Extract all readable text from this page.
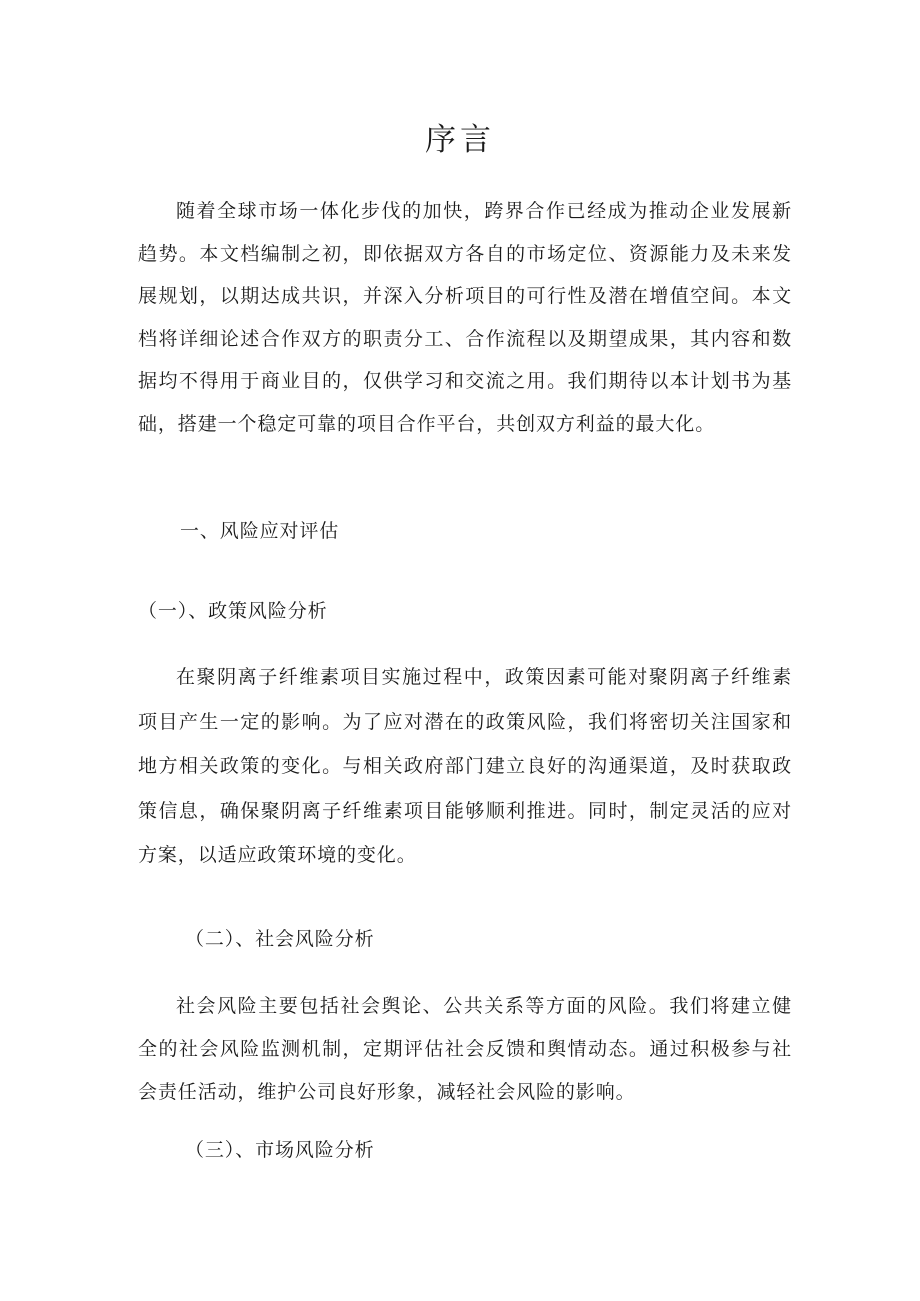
序言

随着全球市场一体化步伐的加快，跨界合作已经成为推动企业发展新趋势。本文档编制之初，即依据双方各自的市场定位、资源能力及未来发展规划，以期达成共识，并深入分析项目的可行性及潜在增值空间。本文档将详细论述合作双方的职责分工、合作流程以及期望成果，其内容和数据均不得用于商业目的，仅供学习和交流之用。我们期待以本计划书为基础，搭建一个稳定可靠的项目合作平台，共创双方利益的最大化。

一、风险应对评估
（一）、政策风险分析

在聚阴离子纤维素项目实施过程中，政策因素可能对聚阴离子纤维素项目产生一定的影响。为了应对潜在的政策风险，我们将密切关注国家和地方相关政策的变化。与相关政府部门建立良好的沟通渠道，及时获取政策信息，确保聚阴离子纤维素项目能够顺利推进。同时，制定灵活的应对方案，以适应政策环境的变化。

（二）、社会风险分析

社会风险主要包括社会舆论、公共关系等方面的风险。我们将建立健全的社会风险监测机制，定期评估社会反馈和舆情动态。通过积极参与社会责任活动，维护公司良好形象，减轻社会风险的影响。

（三）、市场风险分析
